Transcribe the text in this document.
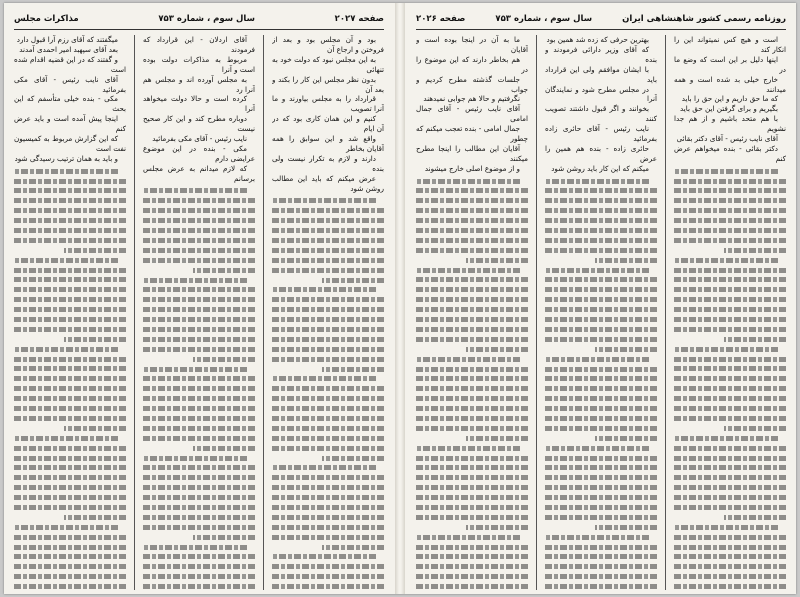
صفحه ۲۰۲۷
سال سوم ، شماره ۷۵۳
مذاکرات مجلس

بود و آن مجلس بود و بعد از فروختن و ارجاع آن

به این مجلس نبود که دولت خود به تنهائی

بدون نظر مجلس این کار را بکند و بعد آن

قرارداد را به مجلس بیاورند و ما آنرا تصویب

کنیم و این همان کاری بود که در آن ایام

واقع شد و این سوابق را همه آقایان بخاطر

دارند و لازم به تکرار نیست ولی بنده

عرض میکنم که باید این مطالب روشن شود

آقای اردلان - این قرارداد که فرمودند

مربوط به مذاکرات دولت بوده است و آنرا

به مجلس آورده اند و مجلس هم آنرا رد

کرده است و حالا دولت میخواهد آنرا

دوباره مطرح کند و این کار صحیح نیست

نایب رئیس - آقای مکی بفرمائید

مکی - بنده در این موضوع عرایضی دارم

که لازم میدانم به عرض مجلس برسانم

میگفتند که آقای رزم آرا قبول دارد

بعد آقای سپهبد امیر احمدی آمدند

و گفتند که در این قضیه اقدام شده است

آقای نایب رئیس - آقای مکی بفرمائید

مکی - بنده خیلی متأسفم که این بحث

اینجا پیش آمده است و باید عرض کنم

که این گزارش مربوط به کمیسیون نفت است

و باید به همان ترتیب رسیدگی شود

روزنامه رسمی کشور شاهنشاهی ایران
سال سوم ، شماره ۷۵۳
صفحه ۲۰۲۶

است و هیچ کس نمیتواند این را انکار کند

اینها دلیل بر این است که وضع ما در

خارج خیلی بد شده است و همه میدانند

که ما حق داریم و این حق را باید

بگیریم و برای گرفتن این حق باید

با هم متحد باشیم و از هم جدا نشویم

آقای نایب رئیس - آقای دکتر بقائی

دکتر بقائی - بنده میخواهم عرض کنم

بهترین حرفی که زده شد همین بود

که آقای وزیر دارائی فرمودند و بنده

با ایشان موافقم ولی این قرارداد باید

در مجلس مطرح شود و نمایندگان آنرا

بخوانند و اگر قبول داشتند تصویب کنند

نایب رئیس - آقای حائری زاده بفرمائید

حائری زاده - بنده هم همین را عرض

میکنم که این کار باید روشن شود

ما به آن در اینجا بوده است و آقایان

هم بخاطر دارند که این موضوع را در

جلسات گذشته مطرح کردیم و جواب

نگرفتیم و حالا هم جوابی نمیدهند

آقای نایب رئیس - آقای جمال امامی

جمال امامی - بنده تعجب میکنم که چطور

آقایان این مطالب را اینجا مطرح میکنند

و از موضوع اصلی خارج میشوند
